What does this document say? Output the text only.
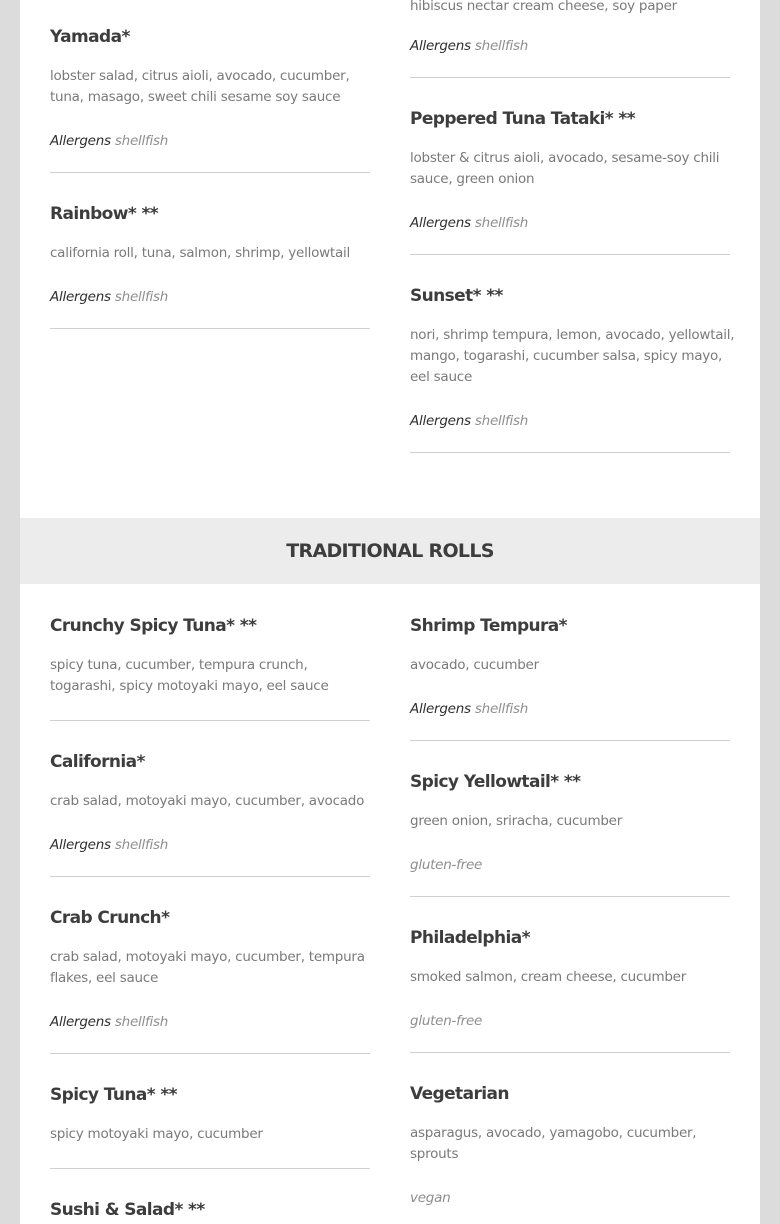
Yamada*

lobster salad, citrus aioli, avocado, cucumber, tuna, masago, sweet chili sesame soy sauce

Allergens shellfish

Rainbow* **

california roll, tuna, salmon, shrimp, yellowtail

Allergens shellfish

hibiscus nectar cream cheese, soy paper

Allergens shellfish

Peppered Tuna Tataki* **

lobster & citrus aioli, avocado, sesame-soy chili sauce, green onion

Allergens shellfish

Sunset* **

nori, shrimp tempura, lemon, avocado, yellowtail, mango, togarashi, cucumber salsa, spicy mayo, eel sauce

Allergens shellfish

Crunchy Spicy Tuna* **

spicy tuna, cucumber, tempura crunch, togarashi, spicy motoyaki mayo, eel sauce

California*

crab salad, motoyaki mayo, cucumber, avocado

Allergens shellfish

Crab Crunch*

crab salad, motoyaki mayo, cucumber, tempura flakes, eel sauce

Allergens shellfish

Spicy Tuna* **

spicy motoyaki mayo, cucumber

Sushi & Salad* **
Shrimp Tempura*

avocado, cucumber

Allergens shellfish

Spicy Yellowtail* **

green onion, sriracha, cucumber

gluten-free

Philadelphia*

smoked salmon, cream cheese, cucumber

gluten-free

Vegetarian

asparagus, avocado, yamagobo, cucumber, sprouts

vegan

TRADITIONAL ROLLS
